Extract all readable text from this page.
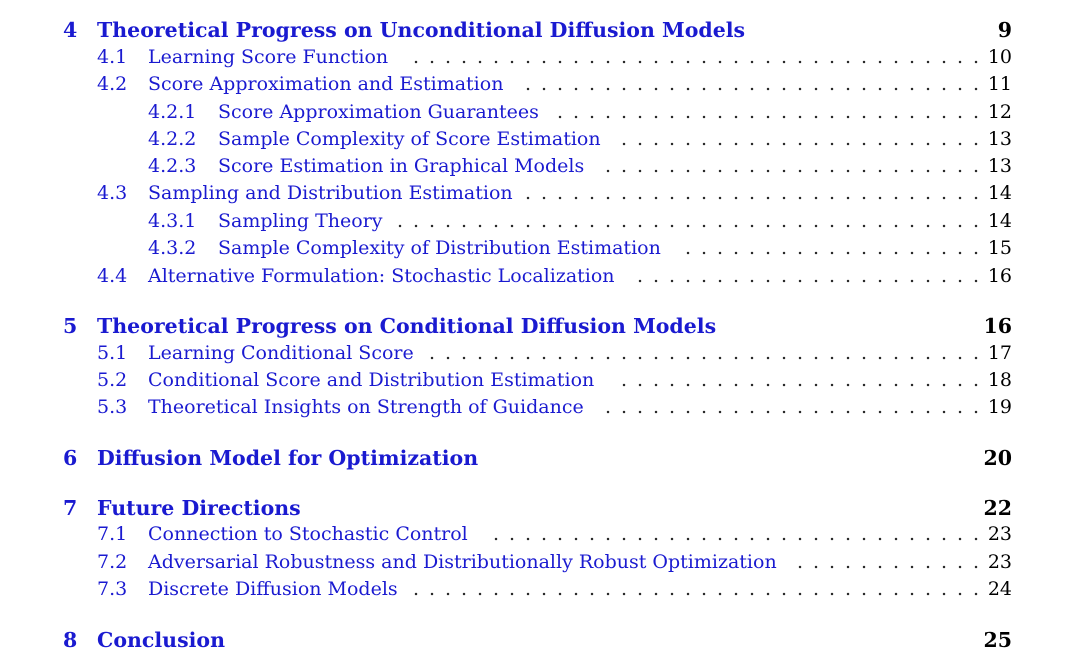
4 Theoretical Progress on Unconditional Diffusion Models	9
4.1 Learning Score Function . . . . . . . . . . . . . . . . . . . . . . . . . . . . . . . . . . . . 10
4.2 Score Approximation and Estimation . . . . . . . . . . . . . . . . . . . . . . . . . . . . . 11
4.2.1 Score Approximation Guarantees . . . . . . . . . . . . . . . . . . . . . . . . . . . 12
4.2.2 Sample Complexity of Score Estimation . . . . . . . . . . . . . . . . . . . . . . . 13
4.2.3 Score Estimation in Graphical Models . . . . . . . . . . . . . . . . . . . . . . . . 13
4.3 Sampling and Distribution Estimation . . . . . . . . . . . . . . . . . . . . . . . . . . . . . 14
4.3.1 Sampling Theory . . . . . . . . . . . . . . . . . . . . . . . . . . . . . . . . . . . . . 14
4.3.2 Sample Complexity of Distribution Estimation . . . . . . . . . . . . . . . . . . . 15
4.4 Alternative Formulation: Stochastic Localization . . . . . . . . . . . . . . . . . . . . . . 16
5 Theoretical Progress on Conditional Diffusion Models	16
5.1 Learning Conditional Score . . . . . . . . . . . . . . . . . . . . . . . . . . . . . . . . . . . 17
5.2 Conditional Score and Distribution Estimation . . . . . . . . . . . . . . . . . . . . . . . 18
5.3 Theoretical Insights on Strength of Guidance . . . . . . . . . . . . . . . . . . . . . . . . 19
6 Diffusion Model for Optimization	20
7 Future Directions	22
7.1 Connection to Stochastic Control . . . . . . . . . . . . . . . . . . . . . . . . . . . . . . . 23
7.2 Adversarial Robustness and Distributionally Robust Optimization . . . . . . . . . . . . 23
7.3 Discrete Diffusion Models . . . . . . . . . . . . . . . . . . . . . . . . . . . . . . . . . . . . 24
8 Conclusion	25
